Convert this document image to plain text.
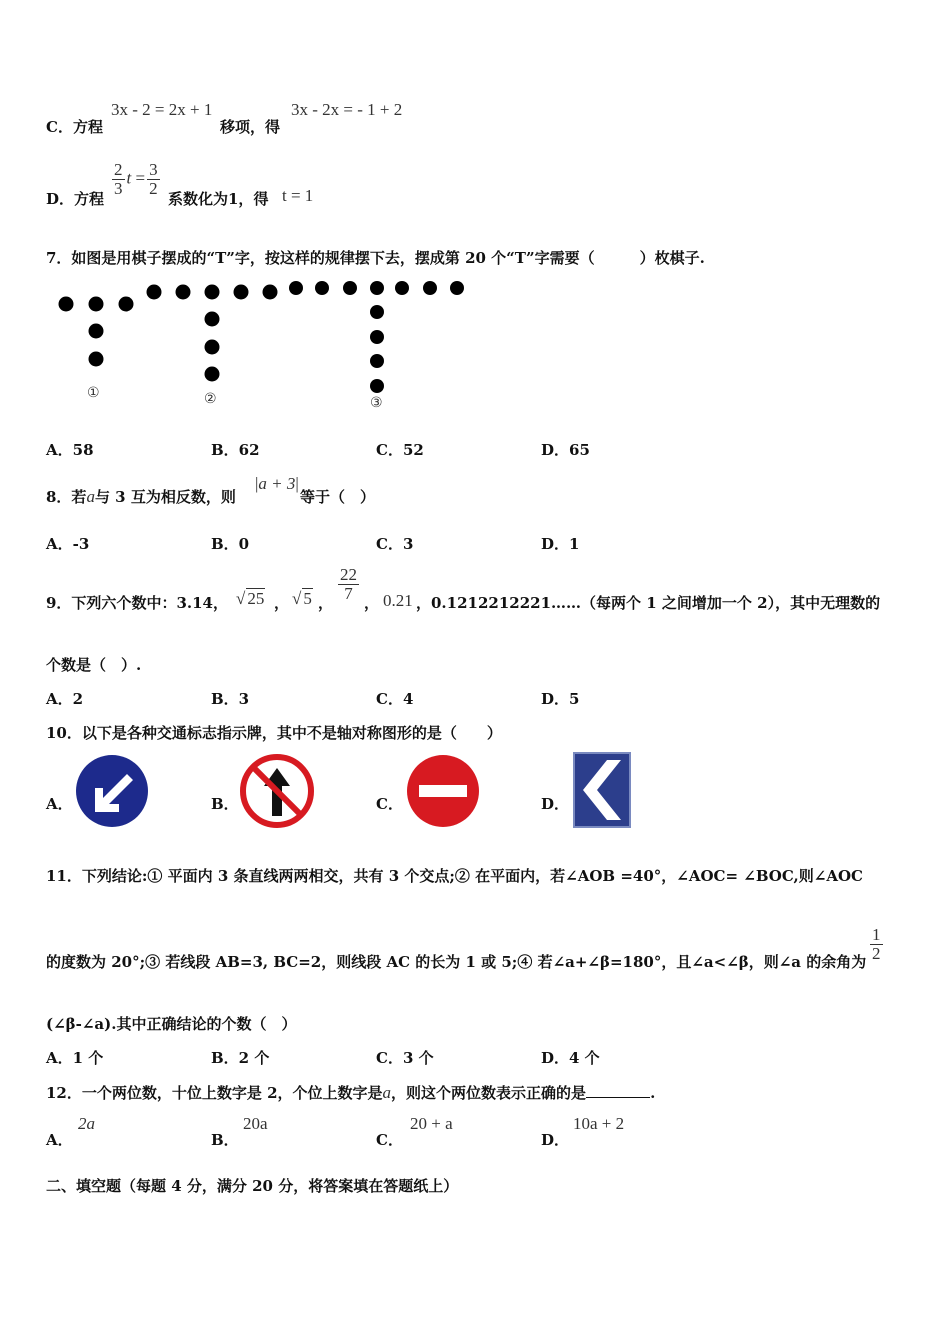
C．方程
3x - 2 = 2x + 1
移项，得
3x - 2x = - 1 + 2
D．方程
$\frac{2}{3}$ $t = \frac{3}{2}$
系数化为1，得 t = 1
7．如图是用棋子摆成的“T”字，按这样的规律摆下去，摆成第 20 个“T”字需要（　　　）枚棋子.
①	②	③
A．58	B．62	C．52	D．65
8．若a与 3 互为相反数，则
|a + 3|
等于（　）
A．-3	B．0	C．3	D．1
9．下列六个数中：3.14， √ 25 ， √ 5 ，
$\frac{22}{7}$
， 0.21 ，0.1212212221……（每两个 1 之间增加一个 2），其中无理数的
个数是（　）.
A．2	B．3	C．4	D．5
10．以下是各种交通标志指示牌，其中不是轴对称图形的是（　　）
A．	B．	C．	D．
11．下列结论:① 平面内 3 条直线两两相交，共有 3 个交点;② 在平面内，若∠AOB =40°，∠AOC= ∠BOC,则∠AOC
的度数为 20°;③ 若线段 AB=3, BC=2，则线段 AC 的长为 1 或 5;④ 若∠a+∠β=180°，且∠a<∠β，则∠a 的余角为 $\frac{1}{2}$
(∠β-∠a).其中正确结论的个数（　）
A．1 个	B．2 个	C．3 个	D．4 个
12．一个两位数，十位上数字是 2，个位上数字是a，则这个两位数表示正确的是	.
A．
2a
B．
20a
C．
20 + a
D．
10a + 2
二、填空题（每题 4 分，满分 20 分，将答案填在答题纸上）
